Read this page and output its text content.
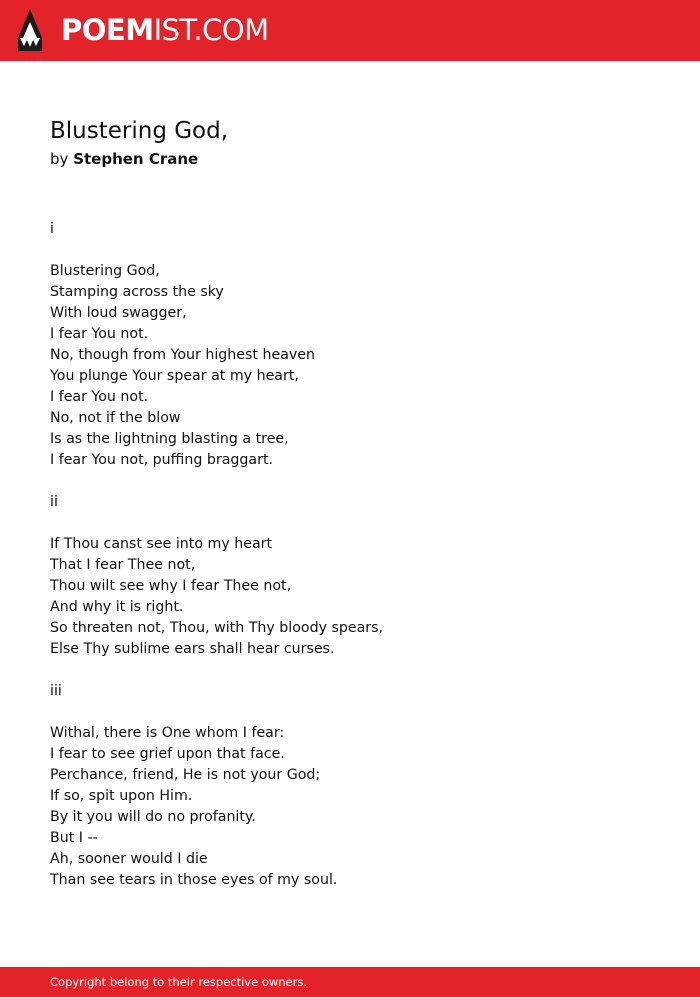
POEMIST.COM
Blustering God,
by Stephen Crane
i
Blustering God,
Stamping across the sky
With loud swagger,
I fear You not.
No, though from Your highest heaven
You plunge Your spear at my heart,
I fear You not.
No, not if the blow
Is as the lightning blasting a tree,
I fear You not, puffing braggart.
ii
If Thou canst see into my heart
That I fear Thee not,
Thou wilt see why I fear Thee not,
And why it is right.
So threaten not, Thou, with Thy bloody spears,
Else Thy sublime ears shall hear curses.
iii
Withal, there is One whom I fear:
I fear to see grief upon that face.
Perchance, friend, He is not your God;
If so, spit upon Him.
By it you will do no profanity.
But I --
Ah, sooner would I die
Than see tears in those eyes of my soul.
Copyright belong to their respective owners.
